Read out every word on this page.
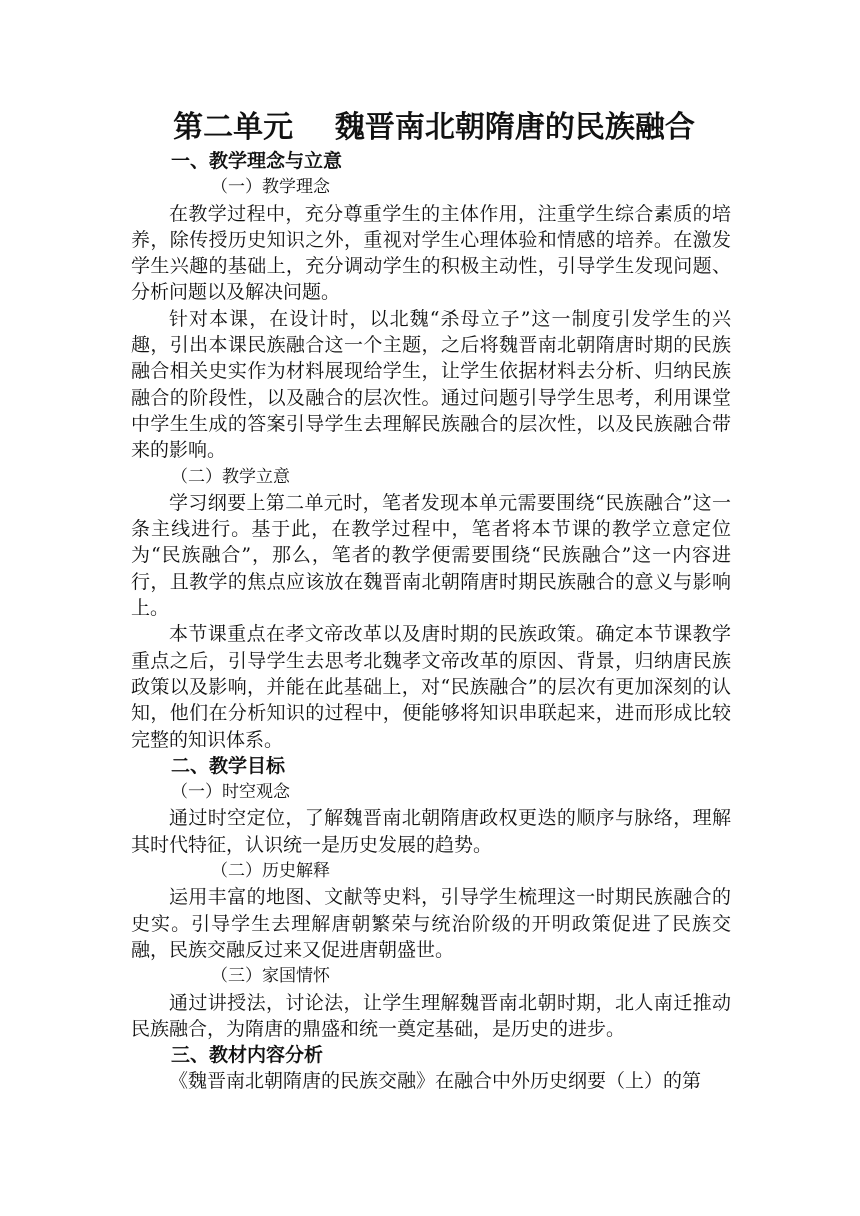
第二单元    魏晋南北朝隋唐的民族融合
一、教学理念与立意
（一）教学理念

在教学过程中，充分尊重学生的主体作用，注重学生综合素质的培养，除传授历史知识之外，重视对学生心理体验和情感的培养。在激发学生兴趣的基础上，充分调动学生的积极主动性，引导学生发现问题、分析问题以及解决问题。

针对本课，在设计时，以北魏“杀母立子”这一制度引发学生的兴趣，引出本课民族融合这一个主题，之后将魏晋南北朝隋唐时期的民族融合相关史实作为材料展现给学生，让学生依据材料去分析、归纳民族融合的阶段性，以及融合的层次性。通过问题引导学生思考，利用课堂中学生生成的答案引导学生去理解民族融合的层次性，以及民族融合带来的影响。

（二）教学立意

学习纲要上第二单元时，笔者发现本单元需要围绕“民族融合”这一条主线进行。基于此，在教学过程中，笔者将本节课的教学立意定位为“民族融合”，那么，笔者的教学便需要围绕“民族融合”这一内容进行，且教学的焦点应该放在魏晋南北朝隋唐时期民族融合的意义与影响上。

本节课重点在孝文帝改革以及唐时期的民族政策。确定本节课教学重点之后，引导学生去思考北魏孝文帝改革的原因、背景，归纳唐民族政策以及影响，并能在此基础上，对“民族融合”的层次有更加深刻的认知，他们在分析知识的过程中，便能够将知识串联起来，进而形成比较完整的知识体系。

二、教学目标
（一）时空观念

通过时空定位，了解魏晋南北朝隋唐政权更迭的顺序与脉络，理解其时代特征，认识统一是历史发展的趋势。

（二）历史解释

运用丰富的地图、文献等史料，引导学生梳理这一时期民族融合的史实。引导学生去理解唐朝繁荣与统治阶级的开明政策促进了民族交融，民族交融反过来又促进唐朝盛世。

（三）家国情怀

通过讲授法，讨论法，让学生理解魏晋南北朝时期，北人南迁推动民族融合，为隋唐的鼎盛和统一奠定基础，是历史的进步。

三、教材内容分析

《魏晋南北朝隋唐的民族交融》在融合中外历史纲要（上）的第
